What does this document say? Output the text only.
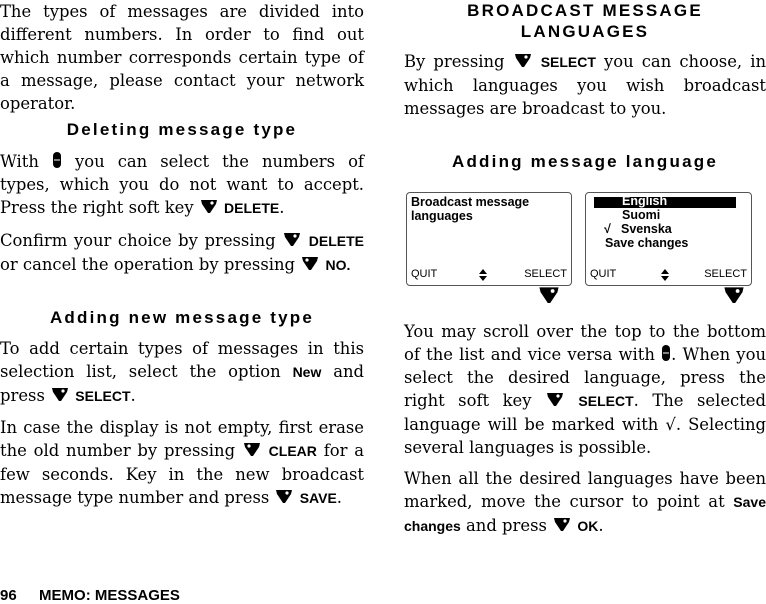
The types of messages are divided into different numbers. In order to find out which number corresponds certain type of a message, please contact your network operator.

Deleting message type

With you can select the numbers of types, which you do not want to accept. Press the right soft key DELETE.

Confirm your choice by pressing DELETE or cancel the operation by pressing NO.

Adding new message type

To add certain types of messages in this selection list, select the option New and press SELECT.

In case the display is not empty, first erase the old number by pressing CLEAR for a few seconds. Key in the new broadcast message type number and press SAVE.

BROADCAST MESSAGE
LANGUAGES

By pressing	SELECT you can choose, in which languages you wish broadcast messages are broadcast to you.

Adding message language
Broadcast message
languages
QUIT	SELECT
English
Suomi
√ Svenska
Save changes
QUIT	SELECT

You may scroll over the top to the bottom of the list and vice versa with . When you select the desired language, press the right soft key	SELECT. The selected language will be marked with √. Selecting several languages is possible.

When all the desired languages have been marked, move the cursor to point at Save changes and press OK.

96 MEMO: MESSAGES
